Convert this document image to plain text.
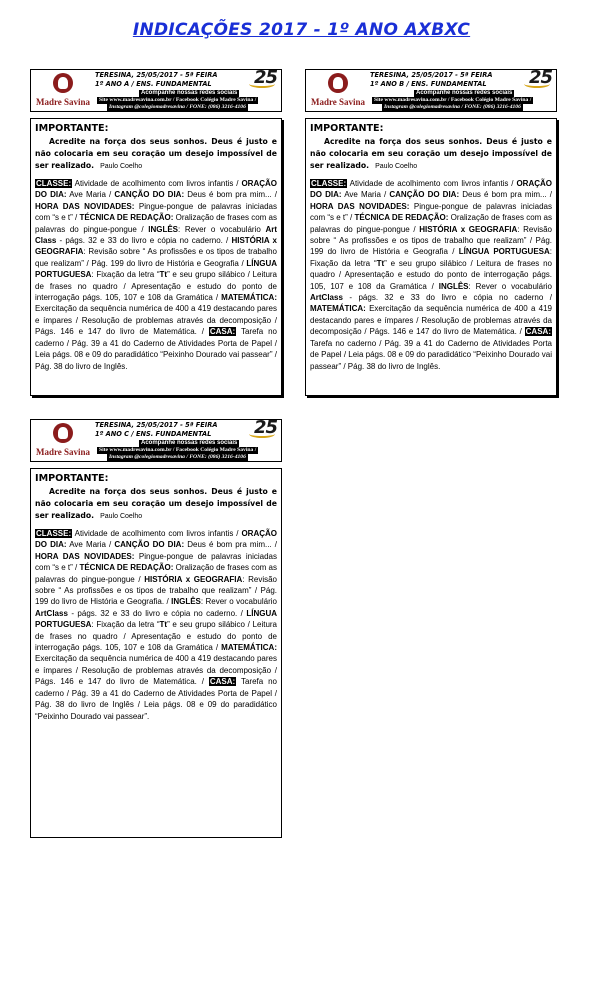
INDICAÇÕES 2017 - 1º ANO AXBXC
Madre Savina
TERESINA, 25/05/2017 - 5ª FEIRA
1º ANO A / ENS. FUNDAMENTAL	25
Acompanhe nossas redes sociais
Site www.madresavina.com.br / Facebook Colégio Madre Savina /
Instagram @colegiomadresavina / FONE: (086) 3216-4106
IMPORTANTE:
Acredite na força dos seus sonhos. Deus é justo e não colocaria em seu coração um desejo impossível de ser realizado. Paulo Coelho
CLASSE: Atividade de acolhimento com livros infantis / ORAÇÃO DO DIA: Ave Maria / CANÇÃO DO DIA: Deus é bom pra mim... / HORA DAS NOVIDADES: Pingue-pongue de palavras iniciadas com “s e t” / TÉCNICA DE REDAÇÃO: Oralização de frases com as palavras do pingue-pongue / INGLÊS: Rever o vocabulário Art Class - págs. 32 e 33 do livro e cópia no caderno. / HISTÓRIA x GEOGRAFIA: Revisão sobre “ As profissões e os tipos de trabalho que realizam” / Pág. 199 do livro de História e Geografia / LÍNGUA PORTUGUESA: Fixação da letra “Tt” e seu grupo silábico / Leitura de frases no quadro / Apresentação e estudo do ponto de interrogação págs. 105, 107 e 108 da Gramática / MATEMÁTICA: Exercitação da sequência numérica de 400 a 419 destacando pares e ímpares / Resolução de problemas através da decomposição / Págs. 146 e 147 do livro de Matemática. / CASA: Tarefa no caderno / Pág. 39 a 41 do Caderno de Atividades Porta de Papel / Leia págs. 08 e 09 do paradidático “Peixinho Dourado vai passear” / Pág. 38 do livro de Inglês.
Madre Savina
TERESINA, 25/05/2017 - 5ª FEIRA
1º ANO B / ENS. FUNDAMENTAL	25
Acompanhe nossas redes sociais
Site www.madresavina.com.br / Facebook Colégio Madre Savina /
Instagram @colegiomadresavina / FONE: (086) 3216-4106
IMPORTANTE:
Acredite na força dos seus sonhos. Deus é justo e não colocaria em seu coração um desejo impossível de ser realizado. Paulo Coelho
CLASSE: Atividade de acolhimento com livros infantis / ORAÇÃO DO DIA: Ave Maria / CANÇÃO DO DIA: Deus é bom pra mim... / HORA DAS NOVIDADES: Pingue-pongue de palavras iniciadas com “s e t” / TÉCNICA DE REDAÇÃO: Oralização de frases com as palavras do pingue-pongue / HISTÓRIA x GEOGRAFIA: Revisão sobre “ As profissões e os tipos de trabalho que realizam” / Pág. 199 do livro de História e Geografia / LÍNGUA PORTUGUESA: Fixação da letra “Tt” e seu grupo silábico / Leitura de frases no quadro / Apresentação e estudo do ponto de interrogação págs. 105, 107 e 108 da Gramática / INGLÊS: Rever o vocabulário ArtClass - págs. 32 e 33 do livro e cópia no caderno / MATEMÁTICA: Exercitação da sequência numérica de 400 a 419 destacando pares e ímpares / Resolução de problemas através da decomposição / Págs. 146 e 147 do livro de Matemática. / CASA: Tarefa no caderno / Pág. 39 a 41 do Caderno de Atividades Porta de Papel / Leia págs. 08 e 09 do paradidático “Peixinho Dourado vai passear” / Pág. 38 do livro de Inglês.
Madre Savina
TERESINA, 25/05/2017 - 5ª FEIRA
1º ANO C / ENS. FUNDAMENTAL	25
Acompanhe nossas redes sociais
Site www.madresavina.com.br / Facebook Colégio Madre Savina /
Instagram @colegiomadresavina / FONE: (086) 3216-4106
IMPORTANTE:
Acredite na força dos seus sonhos. Deus é justo e não colocaria em seu coração um desejo impossível de ser realizado. Paulo Coelho
CLASSE: Atividade de acolhimento com livros infantis / ORAÇÃO DO DIA: Ave Maria / CANÇÃO DO DIA: Deus é bom pra mim... / HORA DAS NOVIDADES: Pingue-pongue de palavras iniciadas com “s e t” / TÉCNICA DE REDAÇÃO: Oralização de frases com as palavras do pingue-pongue / HISTÓRIA x GEOGRAFIA: Revisão sobre “ As profissões e os tipos de trabalho que realizam” / Pág. 199 do livro de História e Geografia. / INGLÊS: Rever o vocabulário ArtClass - págs. 32 e 33 do livro e cópia no caderno. / LÍNGUA PORTUGUESA: Fixação da letra “Tt” e seu grupo silábico / Leitura de frases no quadro / Apresentação e estudo do ponto de interrogação págs. 105, 107 e 108 da Gramática / MATEMÁTICA: Exercitação da sequência numérica de 400 a 419 destacando pares e ímpares / Resolução de problemas através da decomposição / Págs. 146 e 147 do livro de Matemática. / CASA: Tarefa no caderno / Pág. 39 a 41 do Caderno de Atividades Porta de Papel / Pág. 38 do livro de Inglês / Leia págs. 08 e 09 do paradidático “Peixinho Dourado vai passear”.
